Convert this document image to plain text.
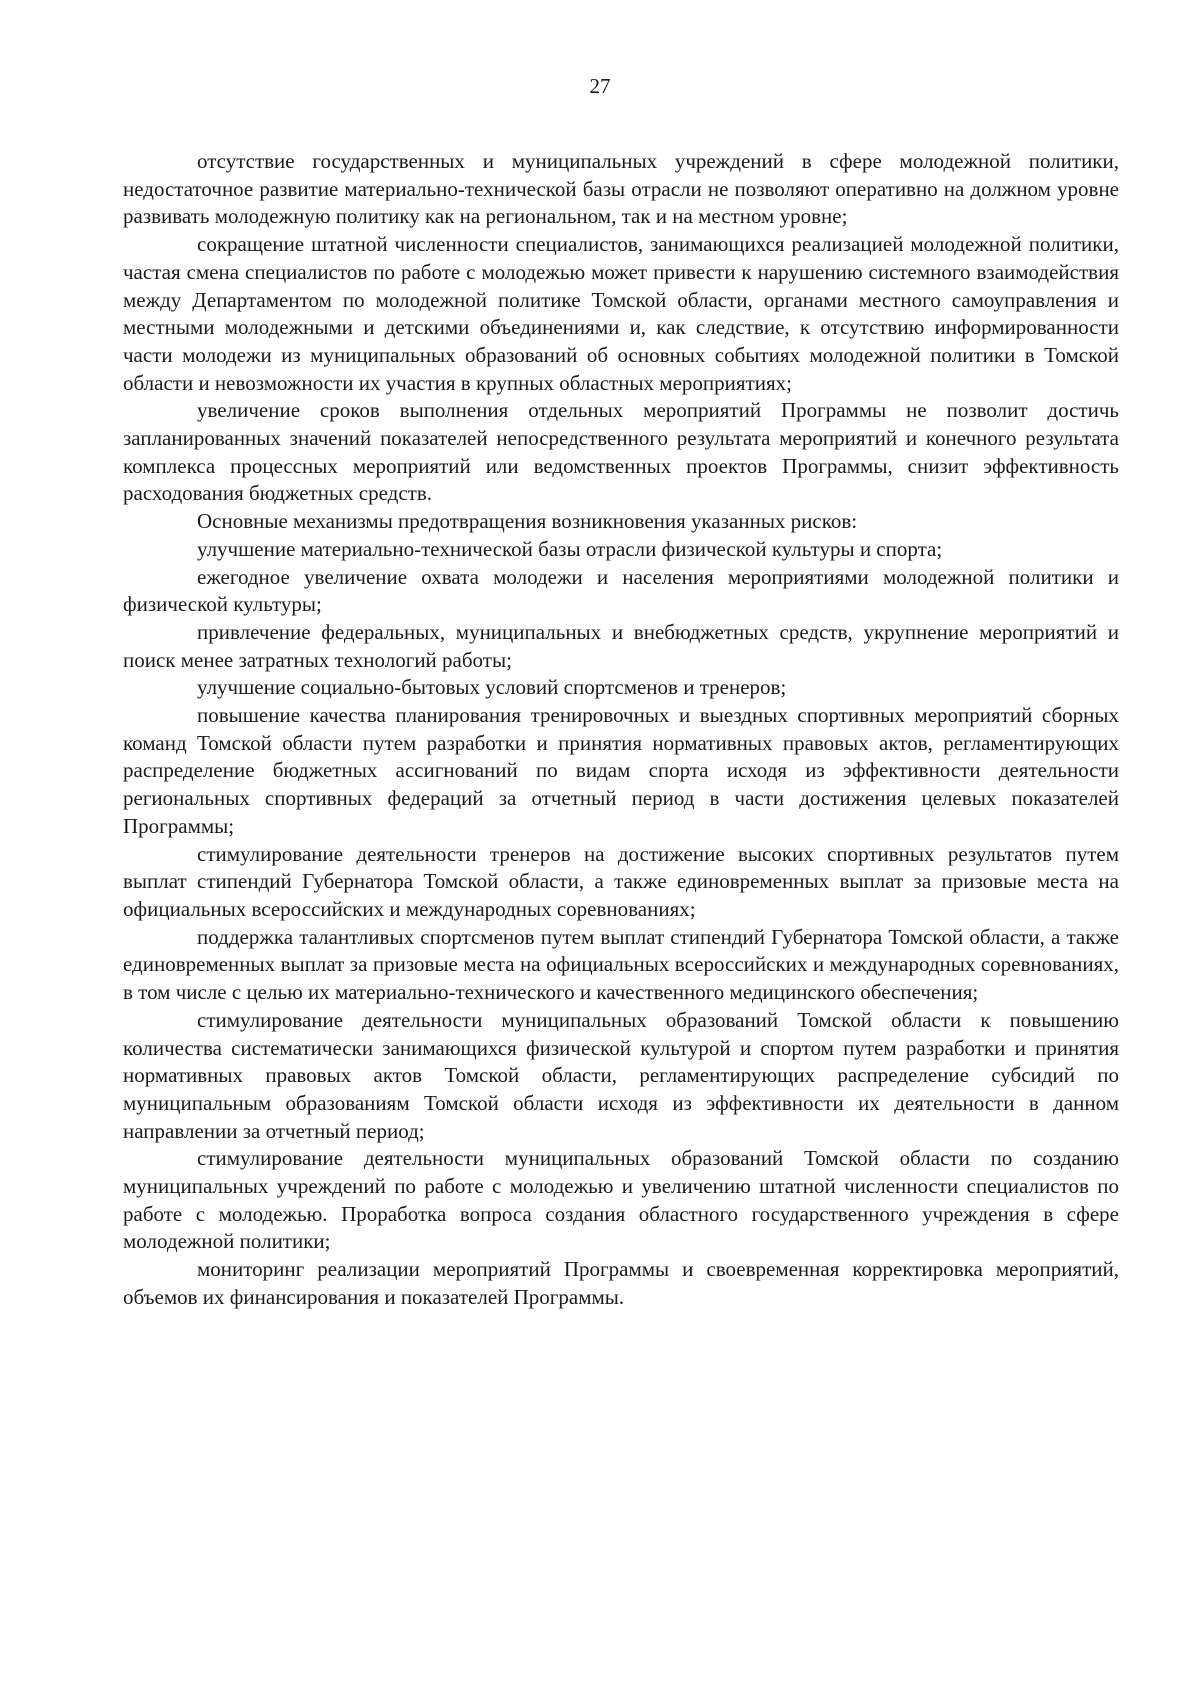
27

отсутствие государственных и муниципальных учреждений в сфере молодежной политики, недостаточное развитие материально-технической базы отрасли не позволяют оперативно на должном уровне развивать молодежную политику как на региональном, так и на местном уровне;

сокращение штатной численности специалистов, занимающихся реализацией молодежной политики, частая смена специалистов по работе с молодежью может привести к нарушению системного взаимодействия между Департаментом по молодежной политике Томской области, органами местного самоуправления и местными молодежными и детскими объединениями и, как следствие, к отсутствию информированности части молодежи из муниципальных образований об основных событиях молодежной политики в Томской области и невозможности их участия в крупных областных мероприятиях;

увеличение сроков выполнения отдельных мероприятий Программы не позволит достичь запланированных значений показателей непосредственного результата мероприятий и конечного результата комплекса процессных мероприятий или ведомственных проектов Программы, снизит эффективность расходования бюджетных средств.

Основные механизмы предотвращения возникновения указанных рисков:

улучшение материально-технической базы отрасли физической культуры и спорта;

ежегодное увеличение охвата молодежи и населения мероприятиями молодежной политики и физической культуры;

привлечение федеральных, муниципальных и внебюджетных средств, укрупнение мероприятий и поиск менее затратных технологий работы;

улучшение социально-бытовых условий спортсменов и тренеров;

повышение качества планирования тренировочных и выездных спортивных мероприятий сборных команд Томской области путем разработки и принятия нормативных правовых актов, регламентирующих распределение бюджетных ассигнований по видам спорта исходя из эффективности деятельности региональных спортивных федераций за отчетный период в части достижения целевых показателей Программы;

стимулирование деятельности тренеров на достижение высоких спортивных результатов путем выплат стипендий Губернатора Томской области, а также единовременных выплат за призовые места на официальных всероссийских и международных соревнованиях;

поддержка талантливых спортсменов путем выплат стипендий Губернатора Томской области, а также единовременных выплат за призовые места на официальных всероссийских и международных соревнованиях, в том числе с целью их материально-технического и качественного медицинского обеспечения;

стимулирование деятельности муниципальных образований Томской области к повышению количества систематически занимающихся физической культурой и спортом путем разработки и принятия нормативных правовых актов Томской области, регламентирующих распределение субсидий по муниципальным образованиям Томской области исходя из эффективности их деятельности в данном направлении за отчетный период;

стимулирование деятельности муниципальных образований Томской области по созданию муниципальных учреждений по работе с молодежью и увеличению штатной численности специалистов по работе с молодежью. Проработка вопроса создания областного государственного учреждения в сфере молодежной политики;

мониторинг реализации мероприятий Программы и своевременная корректировка мероприятий, объемов их финансирования и показателей Программы.
